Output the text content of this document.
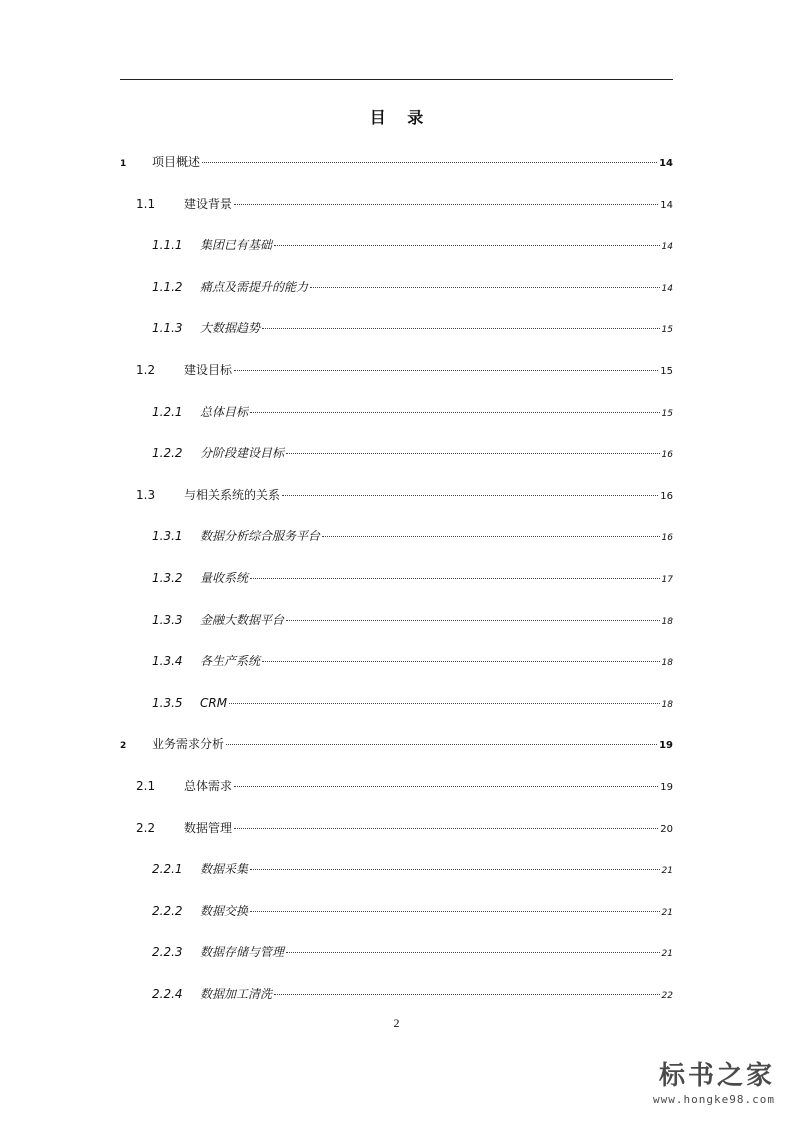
目 录
1	项目概述	14
1.1	建设背景	14
1.1.1	集团已有基础	14
1.1.2	痛点及需提升的能力	14
1.1.3	大数据趋势	15
1.2	建设目标	15
1.2.1	总体目标	15
1.2.2	分阶段建设目标	16
1.3	与相关系统的关系	16
1.3.1	数据分析综合服务平台	16
1.3.2	量收系统	17
1.3.3	金融大数据平台	18
1.3.4	各生产系统	18
1.3.5	CRM	18
2	业务需求分析	19
2.1	总体需求	19
2.2	数据管理	20
2.2.1	数据采集	21
2.2.2	数据交换	21
2.2.3	数据存储与管理	21
2.2.4	数据加工清洗	22
2
标书之家
www.hongke98.com
